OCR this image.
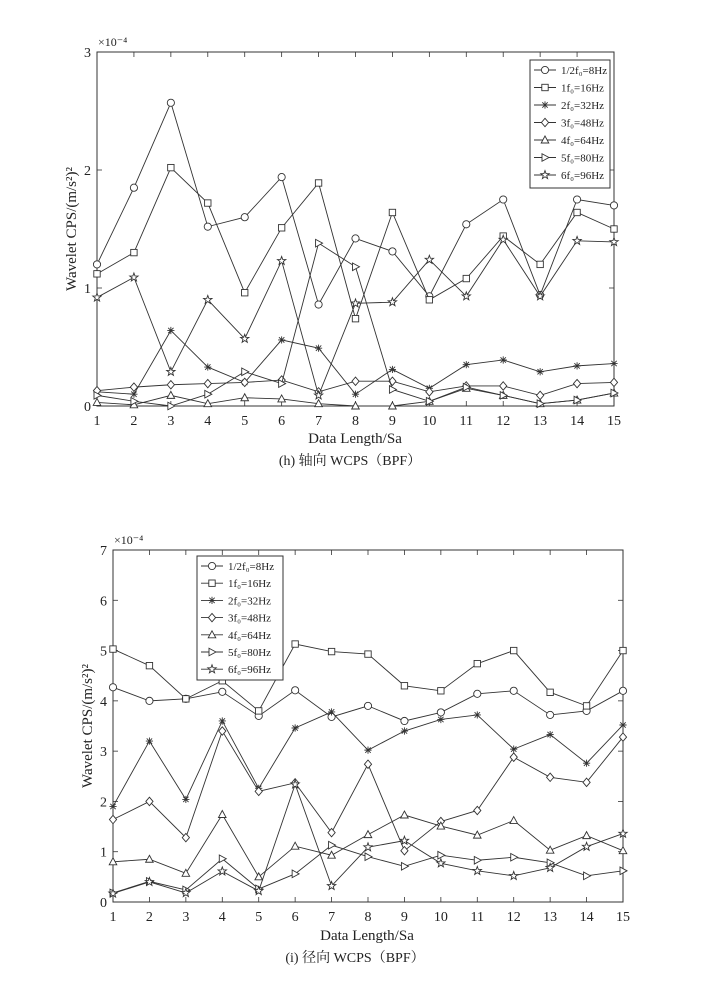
0
1
2
3
1 2 3 4 5 6 7 8 9 10 11 12 13 14 15
×10⁻⁴
Data Length/Sa
Wavelet CPS/(m/s²)²
(h) 轴向 WCPS（BPF）
1/2f₀=8Hz
1f₀=16Hz
2f₀=32Hz
3f₀=48Hz
4f₀=64Hz
5f₀=80Hz
6f₀=96Hz
0
1
2
3
4
5
6
7
1 2 3 4 5 6 7 8 9 10 11 12 13 14 15
×10⁻⁴
Data Length/Sa
Wavelet CPS/(m/s²)²
(i) 径向 WCPS（BPF）
1/2f₀=8Hz
1f₀=16Hz
2f₀=32Hz
3f₀=48Hz
4f₀=64Hz
5f₀=80Hz
6f₀=96Hz
